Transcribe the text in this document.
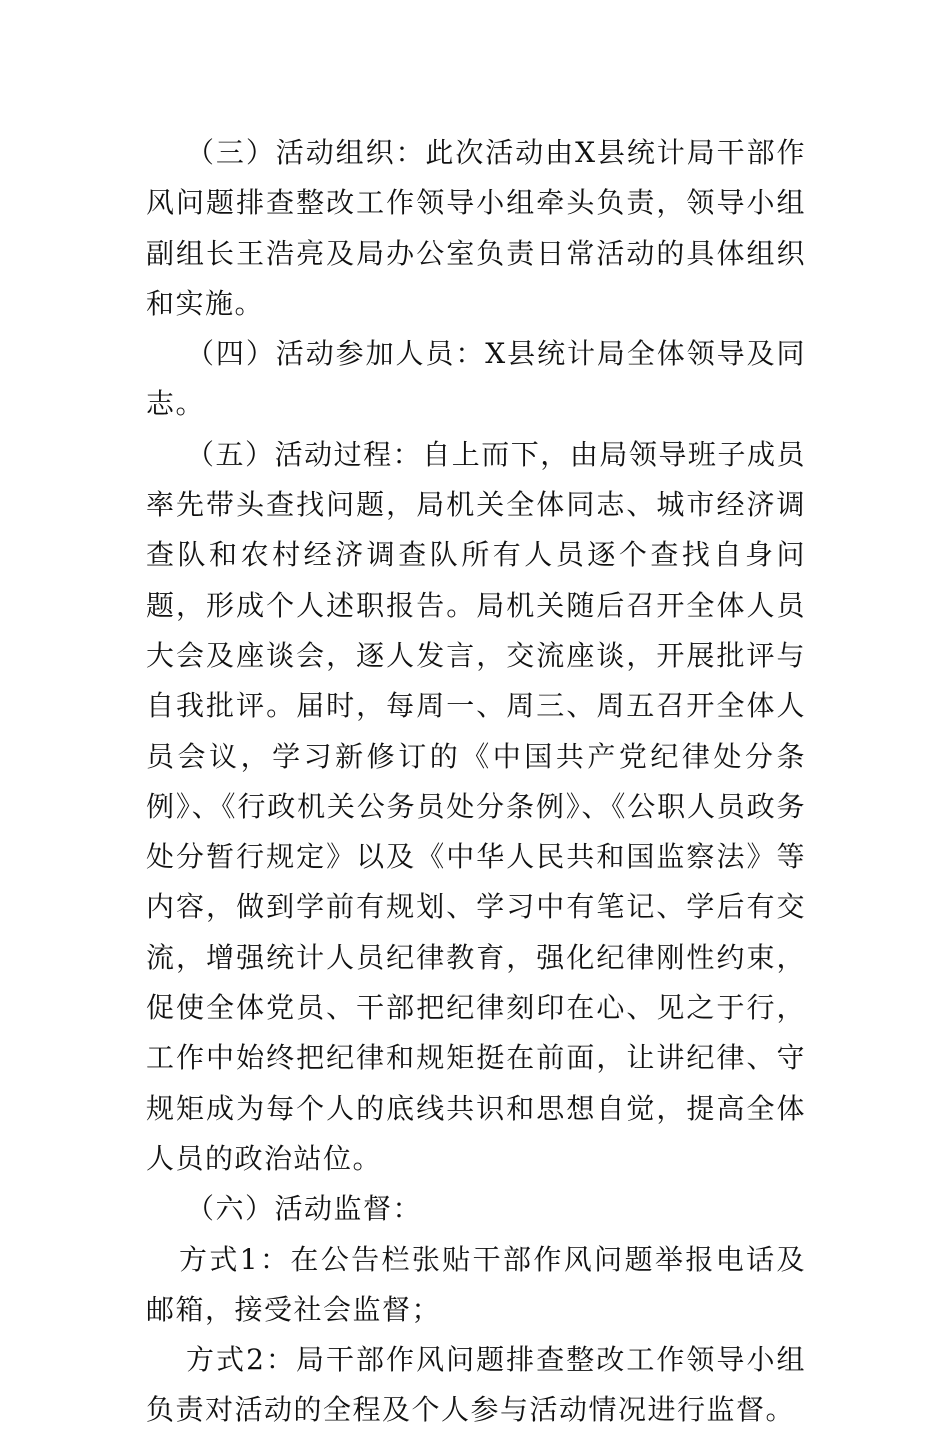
（三）活动组织：此次活动由X县统计局干部作风问题排查整改工作领导小组牵头负责，领导小组副组长王浩亮及局办公室负责日常活动的具体组织和实施。

（四）活动参加人员：X县统计局全体领导及同志。

（五）活动过程：自上而下，由局领导班子成员率先带头查找问题，局机关全体同志、城市经济调查队和农村经济调查队所有人员逐个查找自身问题，形成个人述职报告。局机关随后召开全体人员大会及座谈会，逐人发言，交流座谈，开展批评与自我批评。届时，每周一、周三、周五召开全体人员会议，学习新修订的《中国共产党纪律处分条例》、《行政机关公务员处分条例》、《公职人员政务处分暂行规定》以及《中华人民共和国监察法》等内容，做到学前有规划、学习中有笔记、学后有交流，增强统计人员纪律教育，强化纪律刚性约束，促使全体党员、干部把纪律刻印在心、见之于行，工作中始终把纪律和规矩挺在前面，让讲纪律、守规矩成为每个人的底线共识和思想自觉，提高全体人员的政治站位。

（六）活动监督：

方式1：在公告栏张贴干部作风问题举报电话及邮箱，接受社会监督；

方式2：局干部作风问题排查整改工作领导小组负责对活动的全程及个人参与活动情况进行监督。
